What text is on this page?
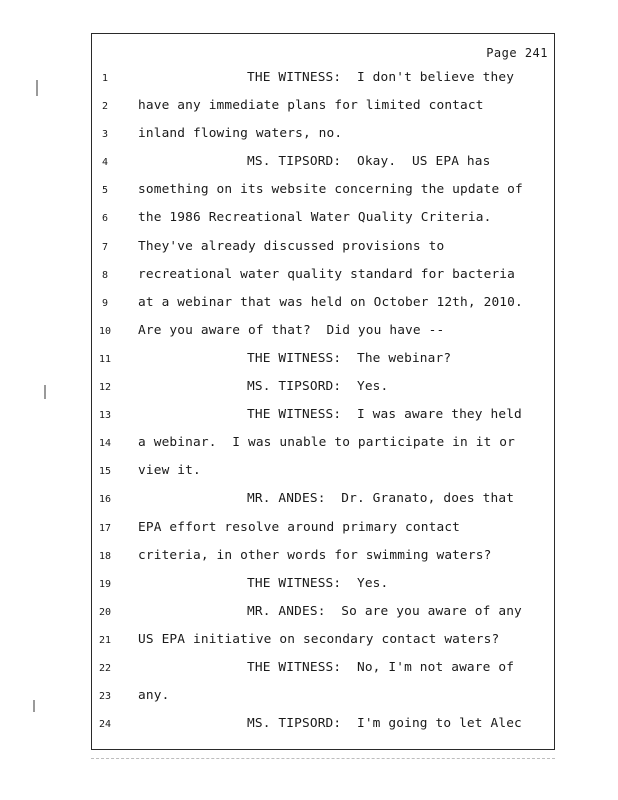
Page 241
1	THE WITNESS:  I don't believe they
2	have any immediate plans for limited contact
3	inland flowing waters, no.
4	MS. TIPSORD:  Okay.  US EPA has
5	something on its website concerning the update of
6	the 1986 Recreational Water Quality Criteria.
7	They've already discussed provisions to
8	recreational water quality standard for bacteria
9	at a webinar that was held on October 12th, 2010.
10	Are you aware of that?  Did you have --
11	THE WITNESS:  The webinar?
12	MS. TIPSORD:  Yes.
13	THE WITNESS:  I was aware they held
14	a webinar.  I was unable to participate in it or
15	view it.
16	MR. ANDES:  Dr. Granato, does that
17	EPA effort resolve around primary contact
18	criteria, in other words for swimming waters?
19	THE WITNESS:  Yes.
20	MR. ANDES:  So are you aware of any
21	US EPA initiative on secondary contact waters?
22	THE WITNESS:  No, I'm not aware of
23	any.
24	MS. TIPSORD:  I'm going to let Alec
